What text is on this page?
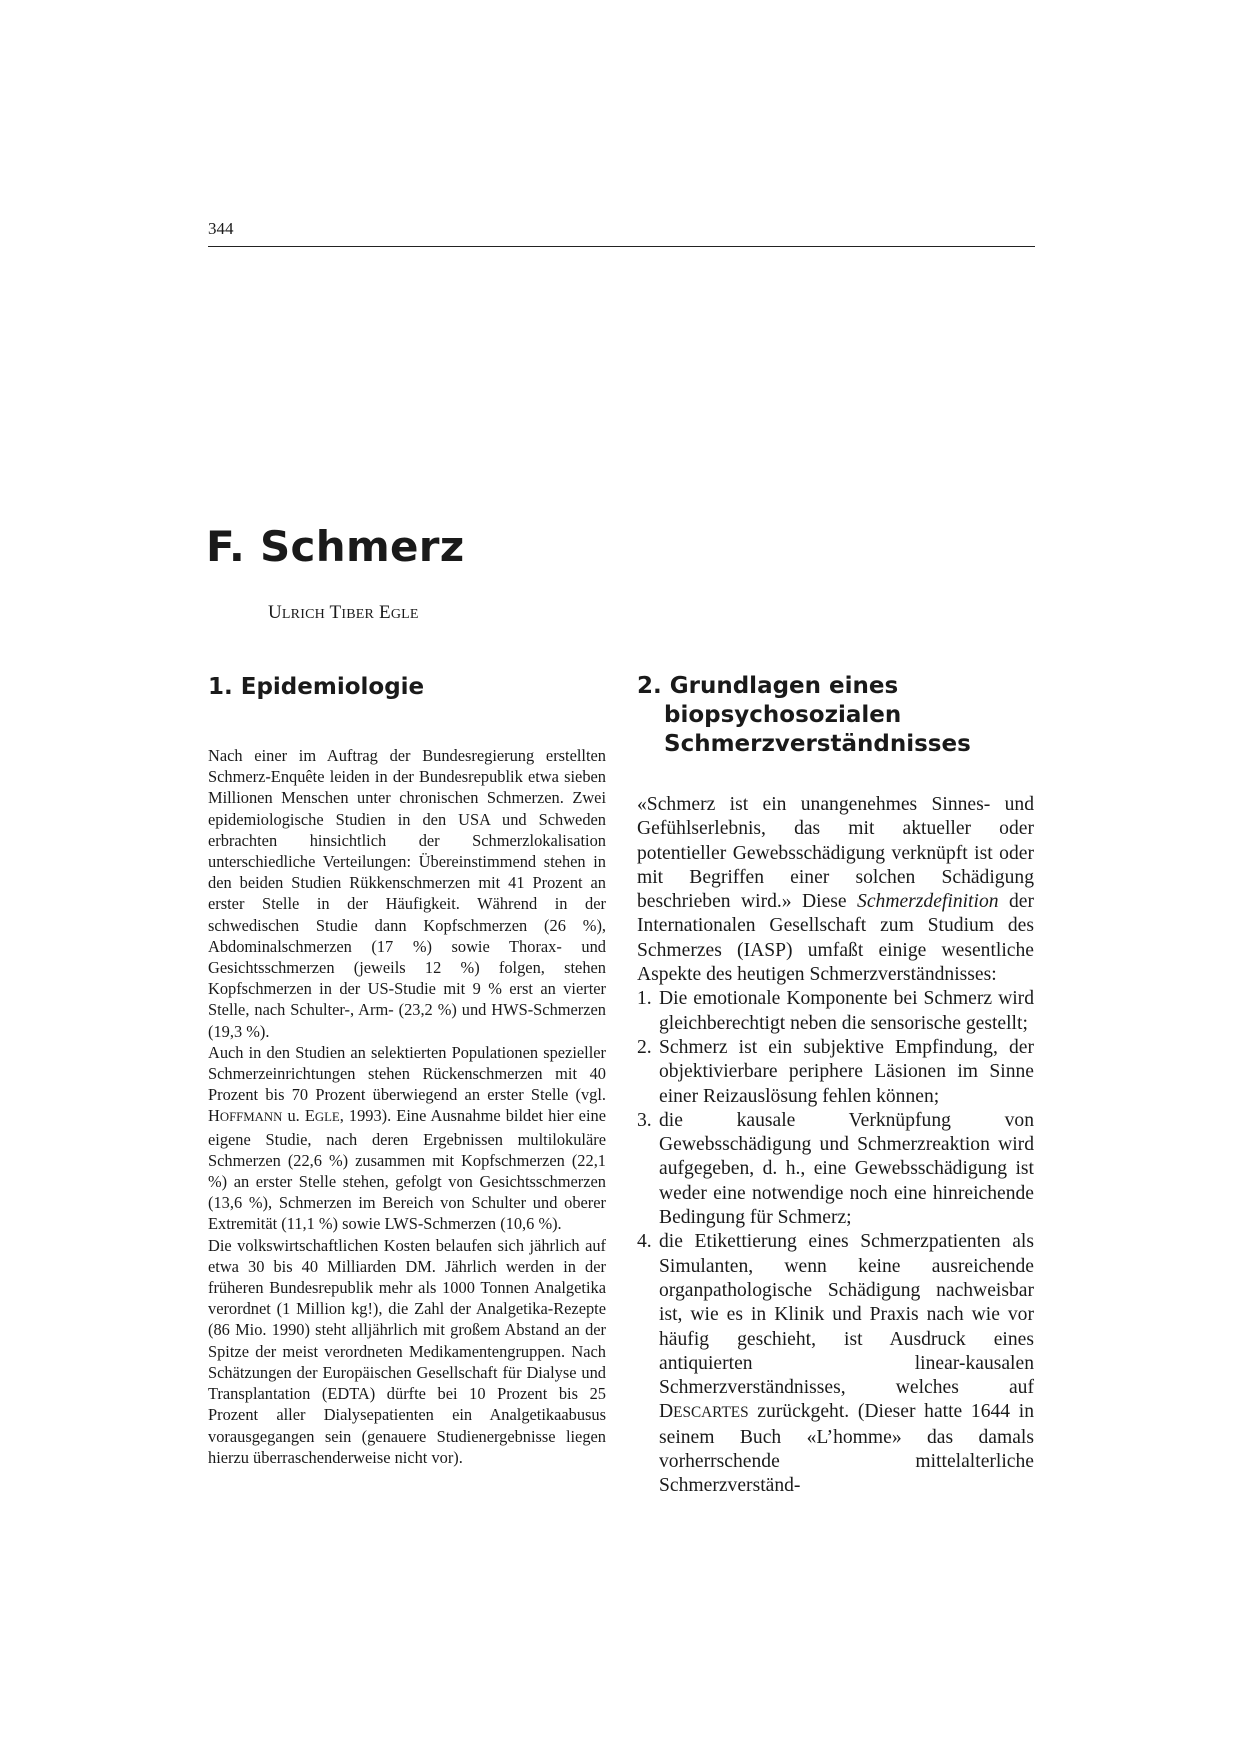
344
F. Schmerz
ULRICH TIBER EGLE
1. Epidemiologie

Nach einer im Auftrag der Bundesregierung erstellten Schmerz-Enquête leiden in der Bundesrepublik etwa sieben Millionen Menschen unter chronischen Schmerzen. Zwei epidemiologische Studien in den USA und Schweden erbrachten hinsichtlich der Schmerzlokalisation unterschiedliche Verteilungen: Übereinstimmend stehen in den beiden Studien Rükkenschmerzen mit 41 Prozent an erster Stelle in der Häufigkeit. Während in der schwedischen Studie dann Kopfschmerzen (26 %), Abdominalschmerzen (17 %) sowie Thorax- und Gesichtsschmerzen (jeweils 12 %) folgen, stehen Kopfschmerzen in der US-Studie mit 9 % erst an vierter Stelle, nach Schulter-, Arm- (23,2 %) und HWS-Schmerzen (19,3 %).

Auch in den Studien an selektierten Populationen spezieller Schmerzeinrichtungen stehen Rückenschmerzen mit 40 Prozent bis 70 Prozent überwiegend an erster Stelle (vgl. HOFFMANN u. EGLE, 1993). Eine Ausnahme bildet hier eine eigene Studie, nach deren Ergebnissen multilokuläre Schmerzen (22,6 %) zusammen mit Kopfschmerzen (22,1 %) an erster Stelle stehen, gefolgt von Gesichtsschmerzen (13,6 %), Schmerzen im Bereich von Schulter und oberer Extremität (11,1 %) sowie LWS-Schmerzen (10,6 %).

Die volkswirtschaftlichen Kosten belaufen sich jährlich auf etwa 30 bis 40 Milliarden DM. Jährlich werden in der früheren Bundesrepublik mehr als 1000 Tonnen Analgetika verordnet (1 Million kg!), die Zahl der Analgetika-Rezepte (86 Mio. 1990) steht alljährlich mit großem Abstand an der Spitze der meist verordneten Medikamentengruppen. Nach Schätzungen der Europäischen Gesellschaft für Dialyse und Transplantation (EDTA) dürfte bei 10 Prozent bis 25 Prozent aller Dialysepatienten ein Analgetikaabusus vorausgegangen sein (genauere Studienergebnisse liegen hierzu überraschenderweise nicht vor).

2. Grundlagen eines biopsychosozialen Schmerzverständnisses

«Schmerz ist ein unangenehmes Sinnes- und Gefühlserlebnis, das mit aktueller oder potentieller Gewebsschädigung verknüpft ist oder mit Begriffen einer solchen Schädigung beschrieben wird.» Diese Schmerzdefinition der Internationalen Gesellschaft zum Studium des Schmerzes (IASP) umfaßt einige wesentliche Aspekte des heutigen Schmerzverständnisses:

1. Die emotionale Komponente bei Schmerz wird gleichberechtigt neben die sensorische gestellt;
2. Schmerz ist ein subjektive Empfindung, der objektivierbare periphere Läsionen im Sinne einer Reizauslösung fehlen können;
3. die kausale Verknüpfung von Gewebsschädigung und Schmerzreaktion wird aufgegeben, d. h., eine Gewebsschädigung ist weder eine notwendige noch eine hinreichende Bedingung für Schmerz;
4. die Etikettierung eines Schmerzpatienten als Simulanten, wenn keine ausreichende organpathologische Schädigung nachweisbar ist, wie es in Klinik und Praxis nach wie vor häufig geschieht, ist Ausdruck eines antiquierten linear-kausalen Schmerzverständnisses, welches auf DESCARTES zurückgeht. (Dieser hatte 1644 in seinem Buch «L’homme» das damals vorherrschende mittelalterliche Schmerzverständ-
